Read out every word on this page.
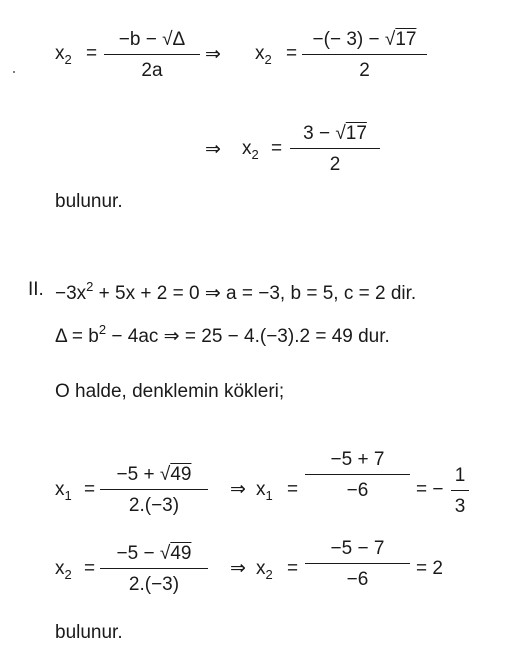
$x_2$ =
−b − √Δ
2a
⇒ $x_2$ =
−(− 3) − √17
2
⇒ $x_2$ =
3 − √17
2
bulunur.
II. $-3x^2 + 5x + 2 = 0$ ⇒ a = −3, b = 5, c = 2 dir.
$\Delta = b^2 - 4ac$ ⇒ = 25 − 4.(−3).2 = 49 dur.
O halde, denklemin kökleri;
$x_1$ =
−5 + √49
2.(−3)
⇒ $x_1$ =
−5 + 7
−6	= −
1
3
$x_2$ =
−5 − √49
2.(−3)
⇒ $x_2$ =
−5 − 7
−6
= 2
bulunur.
